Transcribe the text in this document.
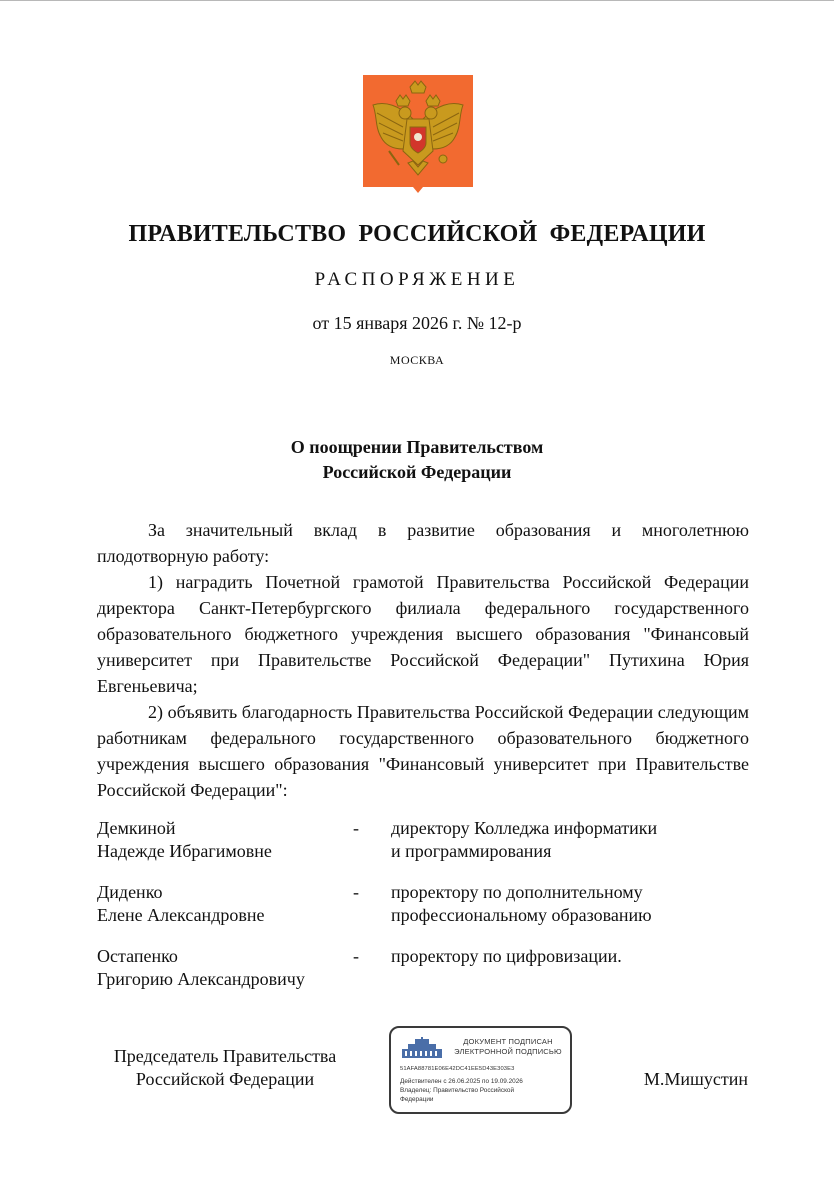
ПРАВИТЕЛЬСТВО РОССИЙСКОЙ ФЕДЕРАЦИИ
РАСПОРЯЖЕНИЕ
от 15 января 2026 г. № 12-р
МОСКВА
О поощрении Правительством
Российской Федерации

За значительный вклад в развитие образования и многолетнюю плодотворную работу:

1) наградить Почетной грамотой Правительства Российской Федерации директора Санкт-Петербургского филиала федерального государственного образовательного бюджетного учреждения высшего образования "Финансовый университет при Правительстве Российской Федерации" Путихина Юрия Евгеньевича;

2) объявить благодарность Правительства Российской Федерации следующим работникам федерального государственного образовательного бюджетного учреждения высшего образования "Финансовый университет при Правительстве Российской Федерации":

Демкиной
Надежде Ибрагимовне
- директору Колледжа информатики
и программирования
Диденко
Елене Александровне
- проректору по дополнительному
профессиональному образованию
Остапенко
Григорию Александровичу
- проректору по цифровизации.
Председатель Правительства
Российской Федерации
ДОКУМЕНТ ПОДПИСАН
ЭЛЕКТРОННОЙ ПОДПИСЬЮ
51AFA88781E06E42DC41EE5D43E303E3
Действителен с 26.06.2025 по 19.09.2026
Владелец: Правительство Российской
Федерации
М.Мишустин
